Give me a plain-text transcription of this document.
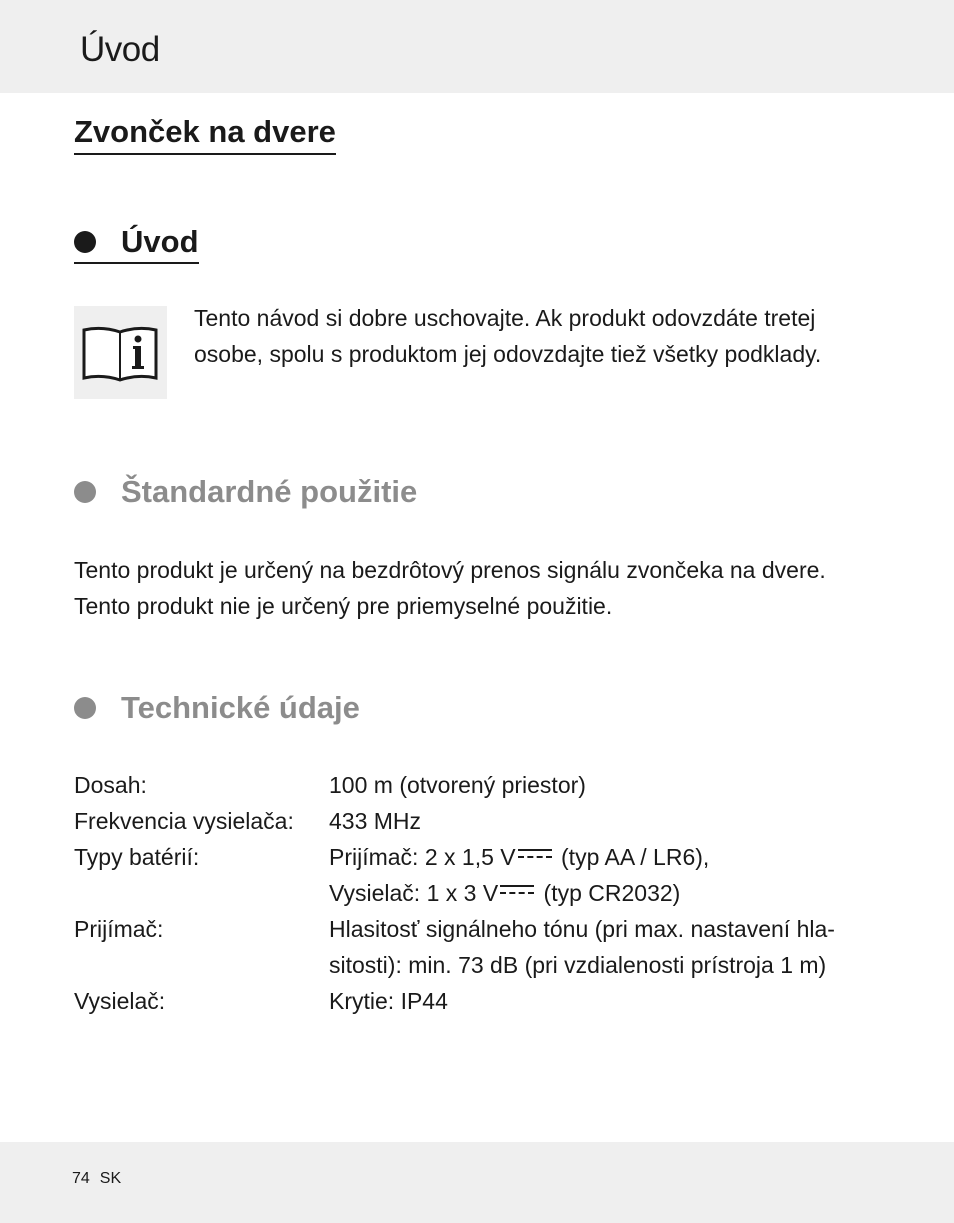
Úvod
Zvonček na dvere
Úvod
Tento návod si dobre uschovajte. Ak produkt odovzdáte tretej
osobe, spolu s produktom jej odovzdajte tiež všetky podklady.
Štandardné použitie
Tento produkt je určený na bezdrôtový prenos signálu zvončeka na dvere.
Tento produkt nie je určený pre priemyselné použitie.
Technické údaje
Dosah:	100 m (otvorený priestor)
Frekvencia vysielača: 433 MHz
Typy batérií:	Prijímač: 2 x 1,5 V (typ AA / LR6),
Vysielač: 1 x 3 V (typ CR2032)
Prijímač:	Hlasitosť signálneho tónu (pri max. nastavení hla-
sitosti): min. 73 dB (pri vzdialenosti prístroja 1 m)
Vysielač:	Krytie: IP44
74 SK
